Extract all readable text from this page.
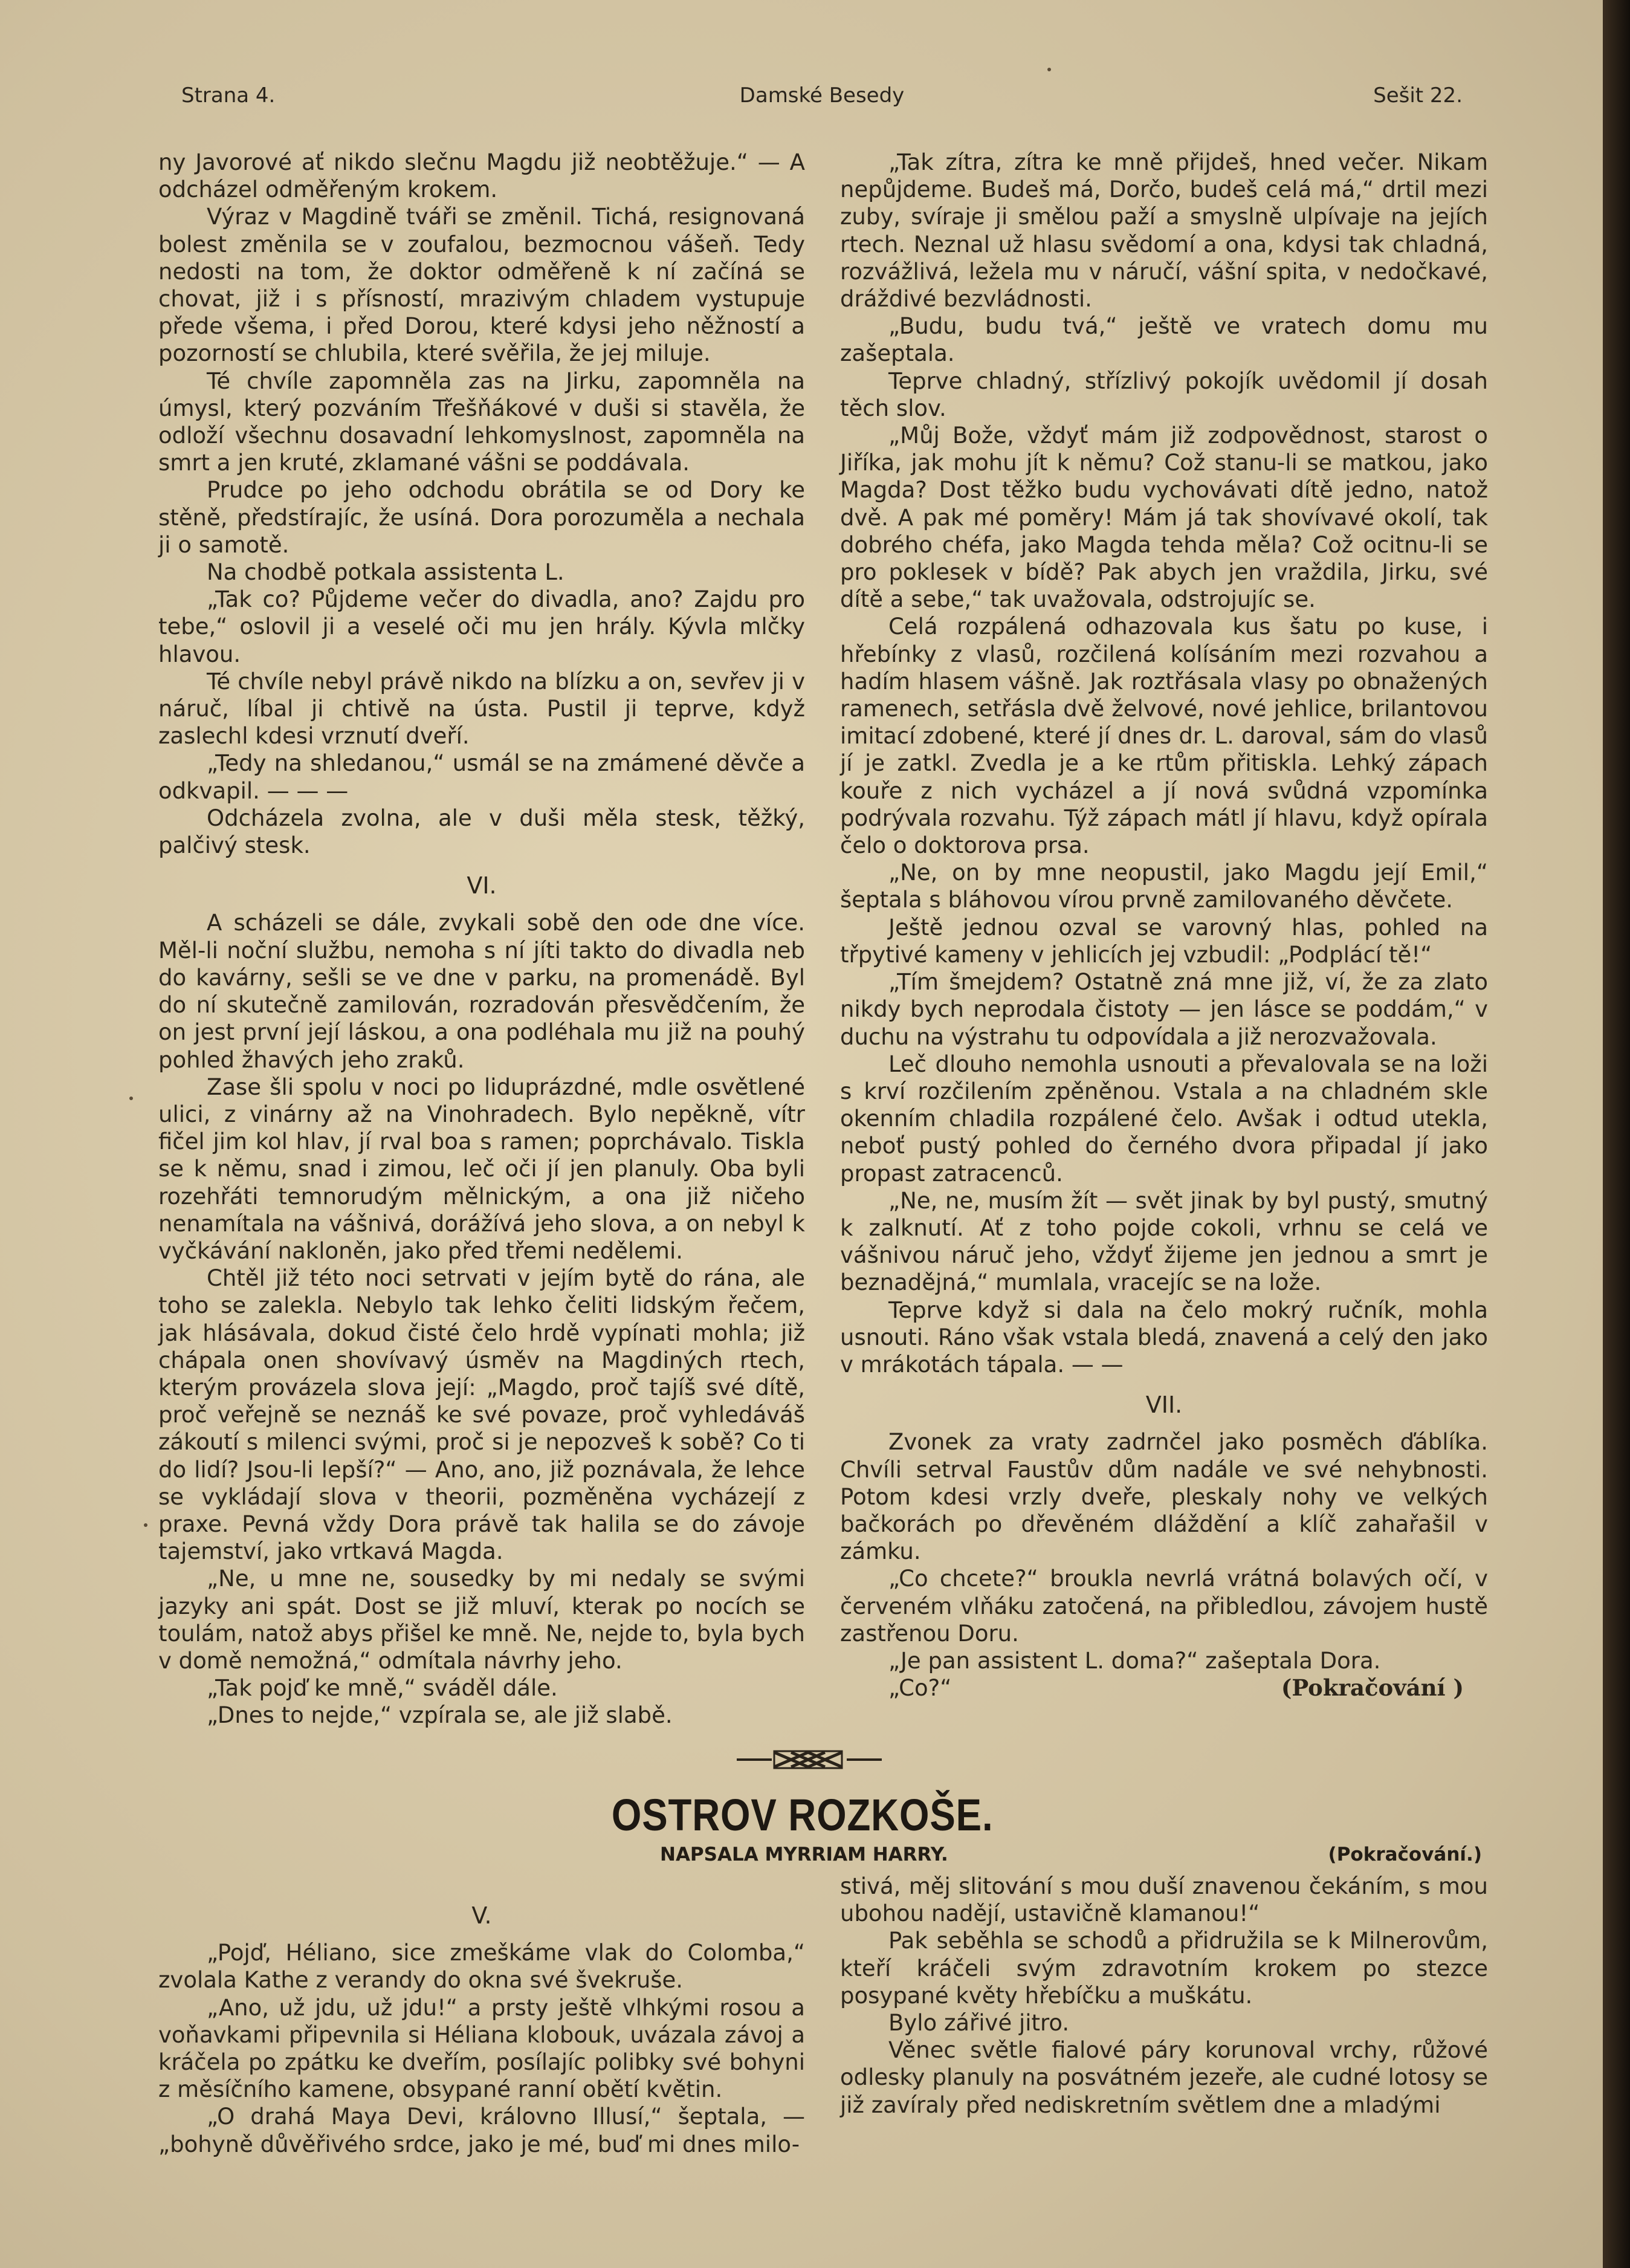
Strana 4.	Damské Besedy	Sešit 22.

ny Javorové ať nikdo slečnu Magdu již neobtěžuje.“ — A odcházel odměřeným krokem.

Výraz v Magdině tváři se změnil. Tichá, resignovaná bolest změnila se v zoufalou, bezmocnou vášeň. Tedy nedosti na tom, že doktor odměřeně k ní začíná se chovat, již i s přísností, mrazivým chladem vystupuje přede všema, i před Dorou, které kdysi jeho něžností a pozorností se chlubila, které svěřila, že jej miluje.

Té chvíle zapomněla zas na Jirku, zapomněla na úmysl, který pozváním Třešňákové v duši si stavěla, že odloží všechnu dosavadní lehkomyslnost, zapomněla na smrt a jen kruté, zklamané vášni se poddávala.

Prudce po jeho odchodu obrátila se od Dory ke stěně, předstírajíc, že usíná. Dora porozuměla a nechala ji o samotě.

Na chodbě potkala assistenta L.

„Tak co? Půjdeme večer do divadla, ano? Zajdu pro tebe,“ oslovil ji a veselé oči mu jen hrály. Kývla mlčky hlavou.

Té chvíle nebyl právě nikdo na blízku a on, sevřev ji v náruč, líbal ji chtivě na ústa. Pustil ji teprve, když zaslechl kdesi vrznutí dveří.

„Tedy na shledanou,“ usmál se na zmámené děvče a odkvapil. — — —

Odcházela zvolna, ale v duši měla stesk, těžký, palčivý stesk.

VI.

A scházeli se dále, zvykali sobě den ode dne více. Měl-li noční službu, nemoha s ní jíti takto do divadla neb do kavárny, sešli se ve dne v parku, na promenádě. Byl do ní skutečně zamilován, rozradován přesvědčením, že on jest první její láskou, a ona podléhala mu již na pouhý pohled žhavých jeho zraků.

Zase šli spolu v noci po liduprázdné, mdle osvětlené ulici, z vinárny až na Vinohradech. Bylo nepěkně, vítr fičel jim kol hlav, jí rval boa s ramen; poprchávalo. Tiskla se k němu, snad i zimou, leč oči jí jen planuly. Oba byli rozehřáti temnorudým mělnickým, a ona již ničeho nenamítala na vášnivá, dorážívá jeho slova, a on nebyl k vyčkávání nakloněn, jako před třemi nedělemi.

Chtěl již této noci setrvati v jejím bytě do rána, ale toho se zalekla. Nebylo tak lehko čeliti lidským řečem, jak hlásávala, dokud čisté čelo hrdě vypínati mohla; již chápala onen shovívavý úsměv na Magdiných rtech, kterým provázela slova její: „Magdo, proč tajíš své dítě, proč veřejně se neznáš ke své povaze, proč vyhledáváš zákoutí s milenci svými, proč si je nepozveš k sobě? Co ti do lidí? Jsou-li lepší?“ — Ano, ano, již poznávala, že lehce se vykládají slova v theorii, pozměněna vycházejí z praxe. Pevná vždy Dora právě tak halila se do závoje tajemství, jako vrtkavá Magda.

„Ne, u mne ne, sousedky by mi nedaly se svými jazyky ani spát. Dost se již mluví, kterak po nocích se toulám, natož abys přišel ke mně. Ne, nejde to, byla bych v domě nemožná,“ odmítala návrhy jeho.

„Tak pojď ke mně,“ sváděl dále.

„Dnes to nejde,“ vzpírala se, ale již slabě.

„Tak zítra, zítra ke mně přijdeš, hned večer. Nikam nepůjdeme. Budeš má, Dorčo, budeš celá má,“ drtil mezi zuby, svíraje ji smělou paží a smyslně ulpívaje na jejích rtech. Neznal už hlasu svědomí a ona, kdysi tak chladná, rozvážlivá, ležela mu v náručí, vášní spita, v nedočkavé, dráždivé bezvládnosti.

„Budu, budu tvá,“ ještě ve vratech domu mu zašeptala.

Teprve chladný, střízlivý pokojík uvědomil jí dosah těch slov.

„Můj Bože, vždyť mám již zodpovědnost, starost o Jiříka, jak mohu jít k němu? Což stanu-li se matkou, jako Magda? Dost těžko budu vychovávati dítě jedno, natož dvě. A pak mé poměry! Mám já tak shovívavé okolí, tak dobrého chéfa, jako Magda tehda měla? Což ocitnu-li se pro poklesek v bídě? Pak abych jen vraždila, Jirku, své dítě a sebe,“ tak uvažovala, odstrojujíc se.

Celá rozpálená odhazovala kus šatu po kuse, i hřebínky z vlasů, rozčilená kolísáním mezi rozvahou a hadím hlasem vášně. Jak roztřásala vlasy po obnažených ramenech, setřásla dvě želvové, nové jehlice, brilantovou imitací zdobené, které jí dnes dr. L. daroval, sám do vlasů jí je zatkl. Zvedla je a ke rtům přitiskla. Lehký zápach kouře z nich vycházel a jí nová svůdná vzpomínka podrývala rozvahu. Týž zápach mátl jí hlavu, když opírala čelo o doktorova prsa.

„Ne, on by mne neopustil, jako Magdu její Emil,“ šeptala s bláhovou vírou prvně zamilovaného děvčete.

Ještě jednou ozval se varovný hlas, pohled na třpytivé kameny v jehlicích jej vzbudil: „Podplácí tě!“

„Tím šmejdem? Ostatně zná mne již, ví, že za zlato nikdy bych neprodala čistoty — jen lásce se poddám,“ v duchu na výstrahu tu odpovídala a již nerozvažovala.

Leč dlouho nemohla usnouti a převalovala se na loži s krví rozčilením zpěněnou. Vstala a na chladném skle okenním chladila rozpálené čelo. Avšak i odtud utekla, neboť pustý pohled do černého dvora připadal jí jako propast zatracenců.

„Ne, ne, musím žít — svět jinak by byl pustý, smutný k zalknutí. Ať z toho pojde cokoli, vrhnu se celá ve vášnivou náruč jeho, vždyť žijeme jen jednou a smrt je beznadějná,“ mumlala, vracejíc se na lože.

Teprve když si dala na čelo mokrý ručník, mohla usnouti. Ráno však vstala bledá, znavená a celý den jako v mrákotách tápala. — —

VII.

Zvonek za vraty zadrnčel jako posměch ďáblíka. Chvíli setrval Faustův dům nadále ve své nehybnosti. Potom kdesi vrzly dveře, pleskaly nohy ve velkých bačkorách po dřevěném dláždění a klíč zahařašil v zámku.

„Co chcete?“ broukla nevrlá vrátná bolavých očí, v červeném vlňáku zatočená, na přibledlou, závojem hustě zastřenou Doru.

„Je pan assistent L. doma?“ zašeptala Dora.

„Co?“	(Pokračování )

OSTROV ROZKOŠE.
NAPSALA MYRRIAM HARRY.	(Pokračování.)

V.

„Pojď, Héliano, sice zmeškáme vlak do Colomba,“ zvolala Kathe z verandy do okna své švekruše.

„Ano, už jdu, už jdu!“ a prsty ještě vlhkými rosou a voňavkami připevnila si Héliana klobouk, uvázala závoj a kráčela po zpátku ke dveřím, posílajíc polibky své bohyni z měsíčního kamene, obsypané ranní obětí květin.

„O drahá Maya Devi, královno Illusí,“ šeptala, — „bohyně důvěřivého srdce, jako je mé, buď mi dnes milo-

stivá, měj slitování s mou duší znavenou čekáním, s mou ubohou nadějí, ustavičně klamanou!“

Pak seběhla se schodů a přidružila se k Milnerovům, kteří kráčeli svým zdravotním krokem po stezce posypané květy hřebíčku a muškátu.

Bylo zářivé jitro.

Věnec světle fialové páry korunoval vrchy, růžové odlesky planuly na posvátném jezeře, ale cudné lotosy se již zavíraly před nediskretním světlem dne a mladými
